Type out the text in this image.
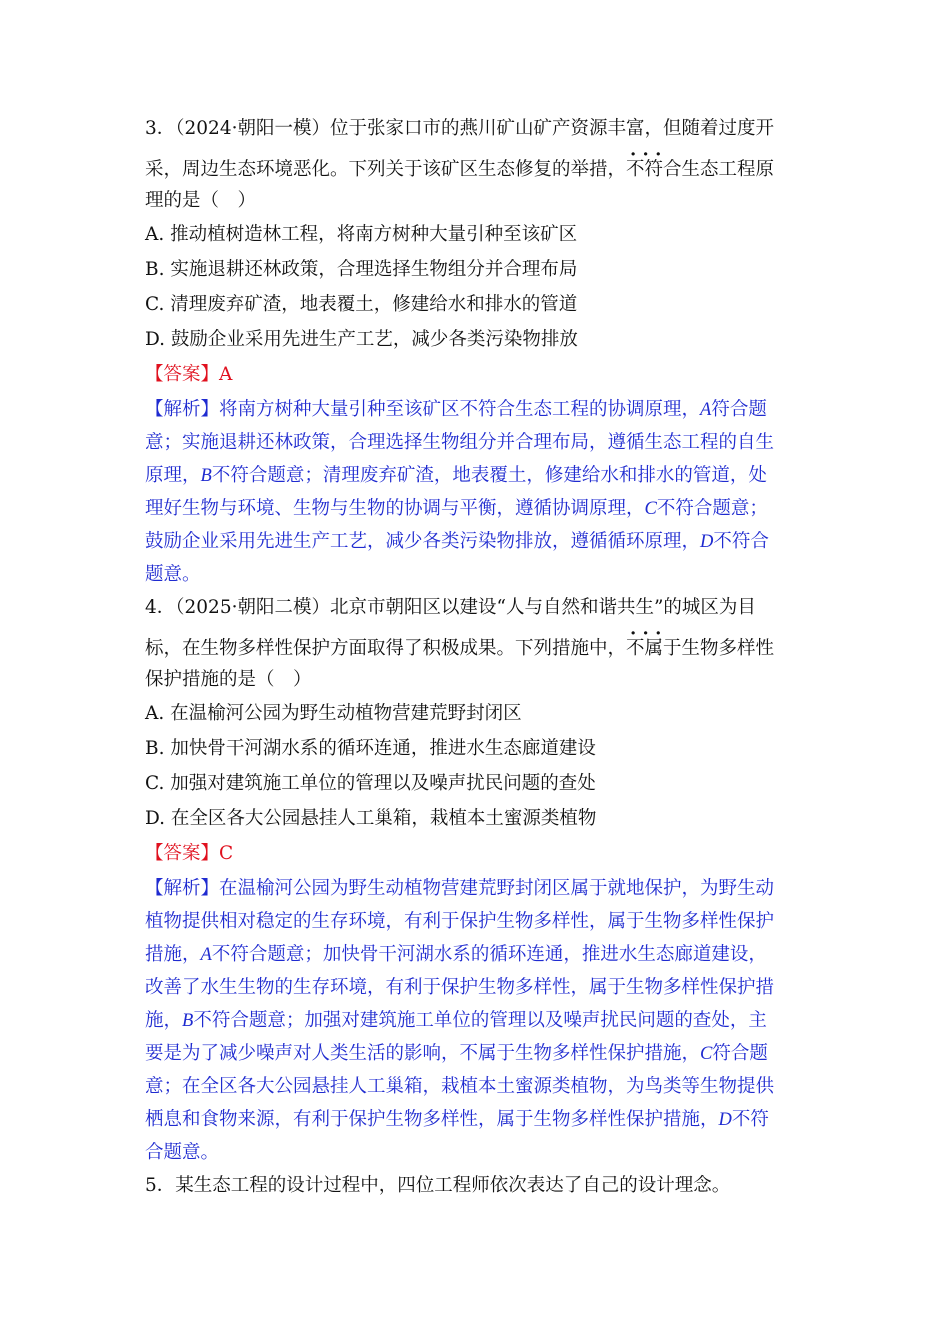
3．（2024·朝阳一模）位于张家口市的燕川矿山矿产资源丰富，但随着过度开
采，周边生态环境恶化。下列关于该矿区生态修复的举措，· · · 不符合生态工程原
理的是（　）
A. 推动植树造林工程，将南方树种大量引种至该矿区
B. 实施退耕还林政策，合理选择生物组分并合理布局
C. 清理废弃矿渣，地表覆土，修建给水和排水的管道
D. 鼓励企业采用先进生产工艺，减少各类污染物排放
【答案】A
【解析】将南方树种大量引种至该矿区不符合生态工程的协调原理，A符合题
意；实施退耕还林政策，合理选择生物组分并合理布局，遵循生态工程的自生
原理，B不符合题意；清理废弃矿渣，地表覆土，修建给水和排水的管道，处
理好生物与环境、生物与生物的协调与平衡，遵循协调原理，C不符合题意；
鼓励企业采用先进生产工艺，减少各类污染物排放，遵循循环原理，D不符合
题意。
4．（2025·朝阳二模）北京市朝阳区以建设“人与自然和谐共生”的城区为目
标，在生物多样性保护方面取得了积极成果。下列措施中，· · · 不属于生物多样性
保护措施的是（　）
A. 在温榆河公园为野生动植物营建荒野封闭区
B. 加快骨干河湖水系的循环连通，推进水生态廊道建设
C. 加强对建筑施工单位的管理以及噪声扰民问题的查处
D. 在全区各大公园悬挂人工巢箱，栽植本土蜜源类植物
【答案】C
【解析】在温榆河公园为野生动植物营建荒野封闭区属于就地保护，为野生动
植物提供相对稳定的生存环境，有利于保护生物多样性，属于生物多样性保护
措施，A不符合题意；加快骨干河湖水系的循环连通，推进水生态廊道建设，
改善了水生生物的生存环境，有利于保护生物多样性，属于生物多样性保护措
施，B不符合题意；加强对建筑施工单位的管理以及噪声扰民问题的查处，主
要是为了减少噪声对人类生活的影响，不属于生物多样性保护措施，C符合题
意；在全区各大公园悬挂人工巢箱，栽植本土蜜源类植物，为鸟类等生物提供
栖息和食物来源，有利于保护生物多样性，属于生物多样性保护措施，D不符
合题意。
5．某生态工程的设计过程中，四位工程师依次表达了自己的设计理念。
